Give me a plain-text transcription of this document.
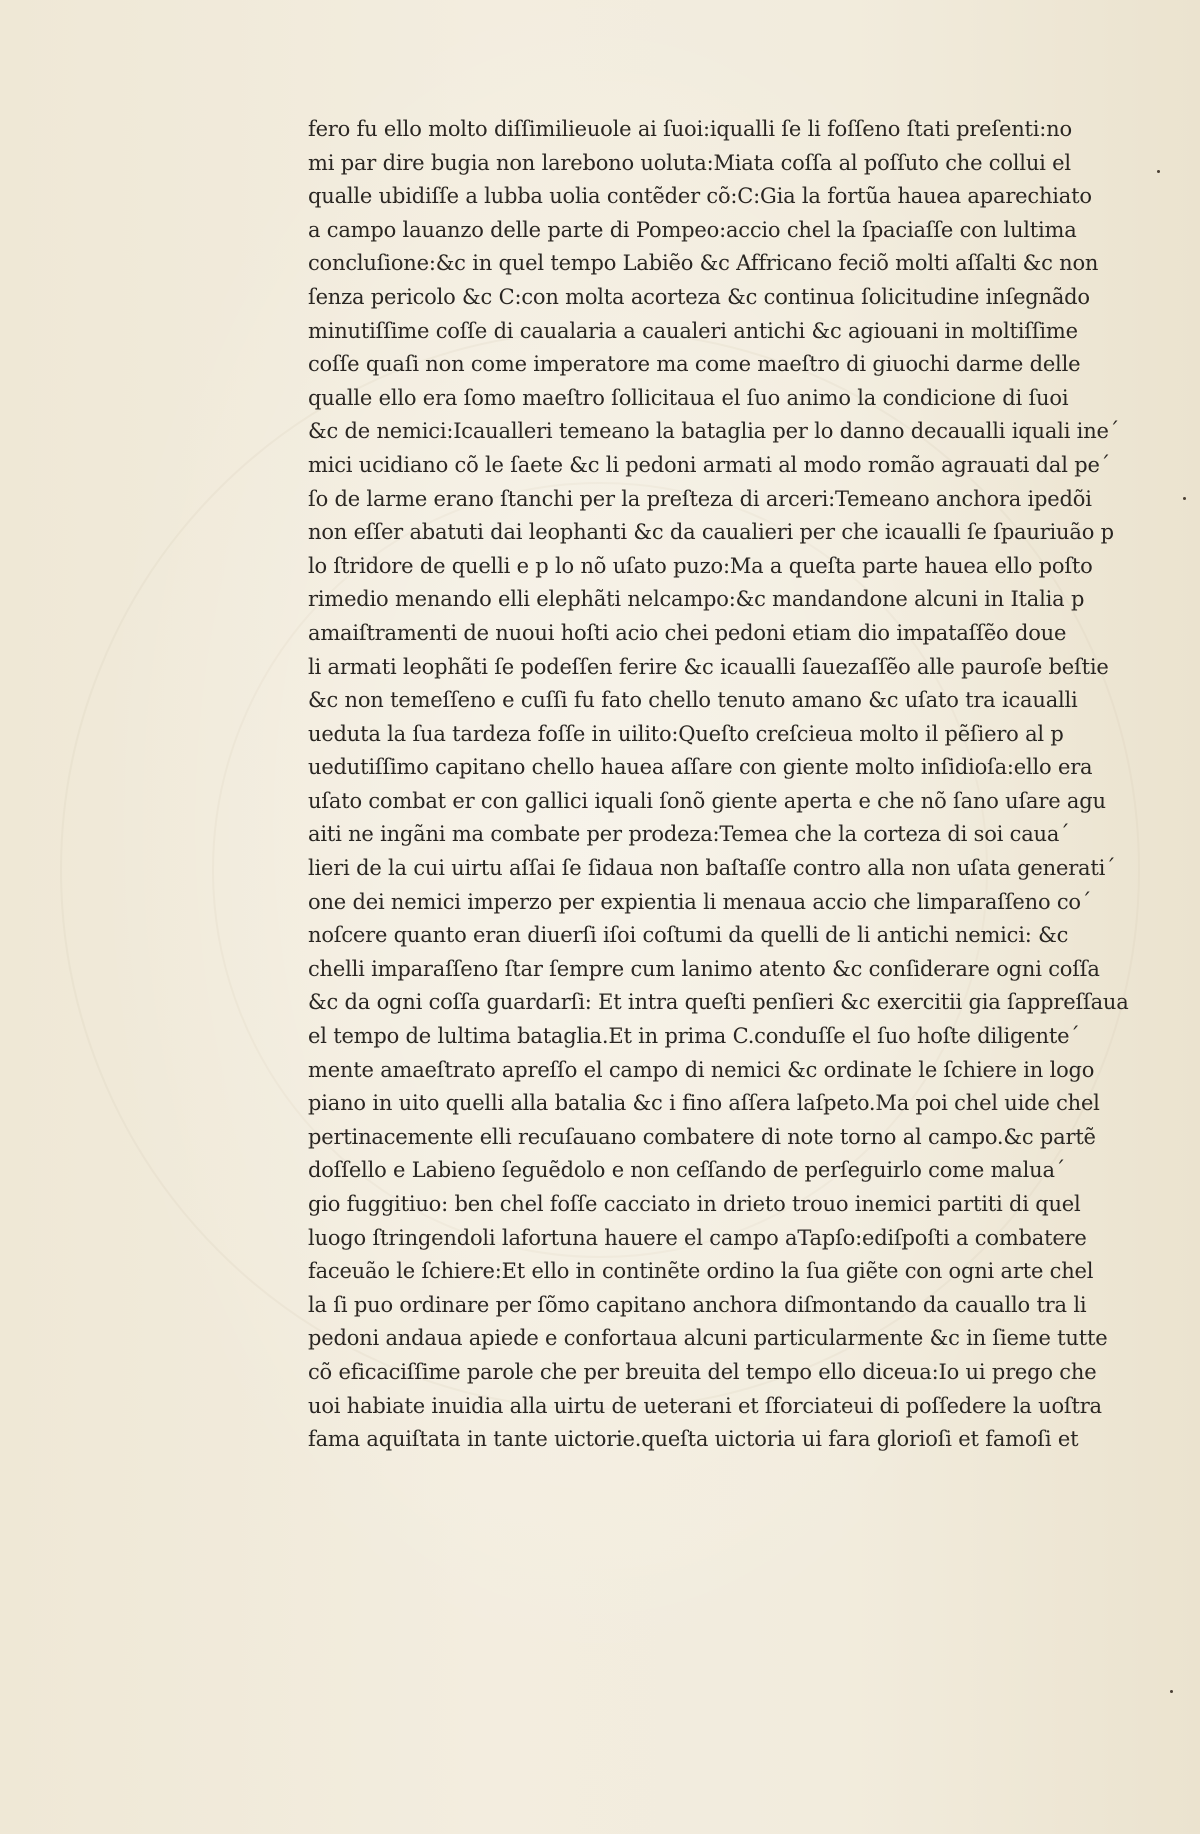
fero fu ello molto diſſimilieuole ai ſuoi:iqualli ſe li foſſeno ſtati preſenti:no
mi par dire bugia non larebono uoluta:Miata coſſa al poſſuto che collui el
qualle ubidiſſe a lubba uolia contẽder cõ:C:Gia la fortũa hauea aparechiato
a campo lauanzo delle parte di Pompeo:accio chel la ſpaciaſſe con lultima
concluſione:&c in quel tempo Labiẽo &c Affricano feciõ molti aſſalti &c non
ſenza pericolo &c C:con molta acorteza &c continua ſolicitudine inſegnãdo
minutiſſime coſſe di caualaria a caualeri antichi &c agiouani in moltiſſime
coſſe quaſi non come imperatore ma come maeſtro di giuochi darme delle
qualle ello era ſomo maeſtro ſollicitaua el ſuo animo la condicione di ſuoi
&c de nemici:Icaualleri temeano la bataglia per lo danno decaualli iquali ine´
mici ucidiano cõ le ſaete &c li pedoni armati al modo romão agrauati dal pe´
ſo de larme erano ſtanchi per la preſteza di arceri:Temeano anchora ipedõi
non eſſer abatuti dai leophanti &c da caualieri per che icaualli ſe ſpauriuão p
lo ſtridore de quelli e p lo nõ uſato puzo:Ma a queſta parte hauea ello poſto
rimedio menando elli elephãti nelcampo:&c mandandone alcuni in Italia p
amaiſtramenti de nuoui hoſti acio chei pedoni etiam dio impataſſẽo doue
li armati leophãti ſe podeſſen ferire &c icaualli ſauezaſſẽo alle pauroſe beſtie
&c non temeſſeno e cuſſi fu fato chello tenuto amano &c uſato tra icaualli
ueduta la ſua tardeza foſſe in uilito:Queſto creſcieua molto il pẽſiero al p
uedutiſſimo capitano chello hauea aſſare con giente molto inſidioſa:ello era
uſato combat er con gallici iquali ſonõ giente aperta e che nõ ſano uſare agu
aiti ne ingãni ma combate per prodeza:Temea che la corteza di soi caua´
lieri de la cui uirtu aſſai ſe ſidaua non baſtaſſe contro alla non uſata generati´
one dei nemici imperzo per expientia li menaua accio che limparaſſeno co´
noſcere quanto eran diuerſi iſoi coſtumi da quelli de li antichi nemici: &c
chelli imparaſſeno ſtar ſempre cum lanimo atento &c conſiderare ogni coſſa
&c da ogni coſſa guardarſi: Et intra queſti penſieri &c exercitii gia ſappreſſaua
el tempo de lultima bataglia.Et in prima C.conduſſe el ſuo hoſte diligente´
mente amaeſtrato apreſſo el campo di nemici &c ordinate le ſchiere in logo
piano in uito quelli alla batalia &c i fino aſſera laſpeto.Ma poi chel uide chel
pertinacemente elli recuſauano combatere di note torno al campo.&c partẽ
doſſello e Labieno ſeguẽdolo e non ceſſando de perſeguirlo come malua´
gio fuggitiuo: ben chel foſſe cacciato in drieto trouo inemici partiti di quel
luogo ſtringendoli lafortuna hauere el campo aTapſo:ediſpoſti a combatere
faceuão le ſchiere:Et ello in continẽte ordino la ſua giẽte con ogni arte chel
la ſi puo ordinare per ſõmo capitano anchora diſmontando da cauallo tra li
pedoni andaua apiede e confortaua alcuni particularmente &c in ſieme tutte
cõ eficaciſſime parole che per breuita del tempo ello diceua:Io ui prego che
uoi habiate inuidia alla uirtu de ueterani et ſforciateui di poſſedere la uoſtra
fama aquiſtata in tante uictorie.queſta uictoria ui fara glorioſi et famoſi et
